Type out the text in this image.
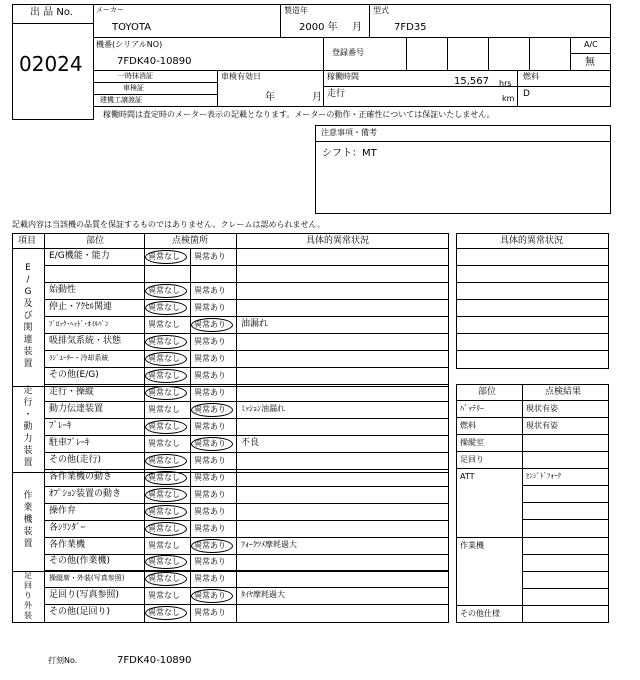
出 品 No.
02024
メーカー
TOYOTA
製造年
2000 年 月
型式
7FD35
機番(シリアルNO)
7FDK40-10890
登録番号
A/C
無
一時抹消証
車検証
建機工譲渡証
車検有効日
年	月
稼働時間	15,567 hrs
走行	km
燃料
D
稼働時間は査定時のメーター表示の記載となります。メーターの動作・正確性については保証いたしません。
注意事項・備考
シフト：MT
記載内容は当該機の品質を保証するものではありません。クレームは認められません。
項目	部位	点検箇所	具体的異常状況
E
/
G
及
び
関
連
装
置
走
行
・
動
力
装
置
作
業
機
装
置
足
回
り
外
装
E/G機能・能力	異常なし 異常あり
始動性	異常なし 異常あり
停止・ｱｸｾﾙ関連	異常なし 異常あり
ﾌﾞﾛｯｸ･ﾍｯﾄﾞ･ｵｲﾙﾊﾟﾝ	異常なし 異常あり 油漏れ
吸排気系統・状態	異常なし 異常あり
ﾗｼﾞｴｰﾀｰ・冷却系統	異常なし 異常あり
その他(E/G)	異常なし 異常あり
走行・操縦	異常なし 異常あり
動力伝達装置	異常なし 異常あり ﾐｯｼｮﾝ油漏れ
ﾌﾞﾚｰｷ	異常なし 異常あり
駐車ﾌﾞﾚｰｷ	異常なし 異常あり 不良
その他(走行)	異常なし 異常あり
各作業機の動き	異常なし 異常あり
ｵﾌﾟｼｮﾝ装置の動き	異常なし 異常あり
操作弁	異常なし 異常あり
各ｼﾘﾝﾀﾞｰ	異常なし 異常あり
各作業機	異常なし 異常あり ﾌｫｰｸﾂﾒ摩耗過大
その他(作業機)	異常なし 異常あり
操縦席・外装(写真参照)	異常なし 異常あり
足回り(写真参照)	異常なし 異常あり ﾀｲﾔ摩耗過大
その他(足回り)	異常なし 異常あり
具体的異常状況
部位	点検結果
ﾊﾞｯﾃﾘｰ	現状有姿
燃料	現状有姿
操縦室
足回り
ATT	ﾋﾝｼﾞﾄﾞﾌｫｰｸ
作業機
その他仕様
打刻No.	7FDK40-10890
